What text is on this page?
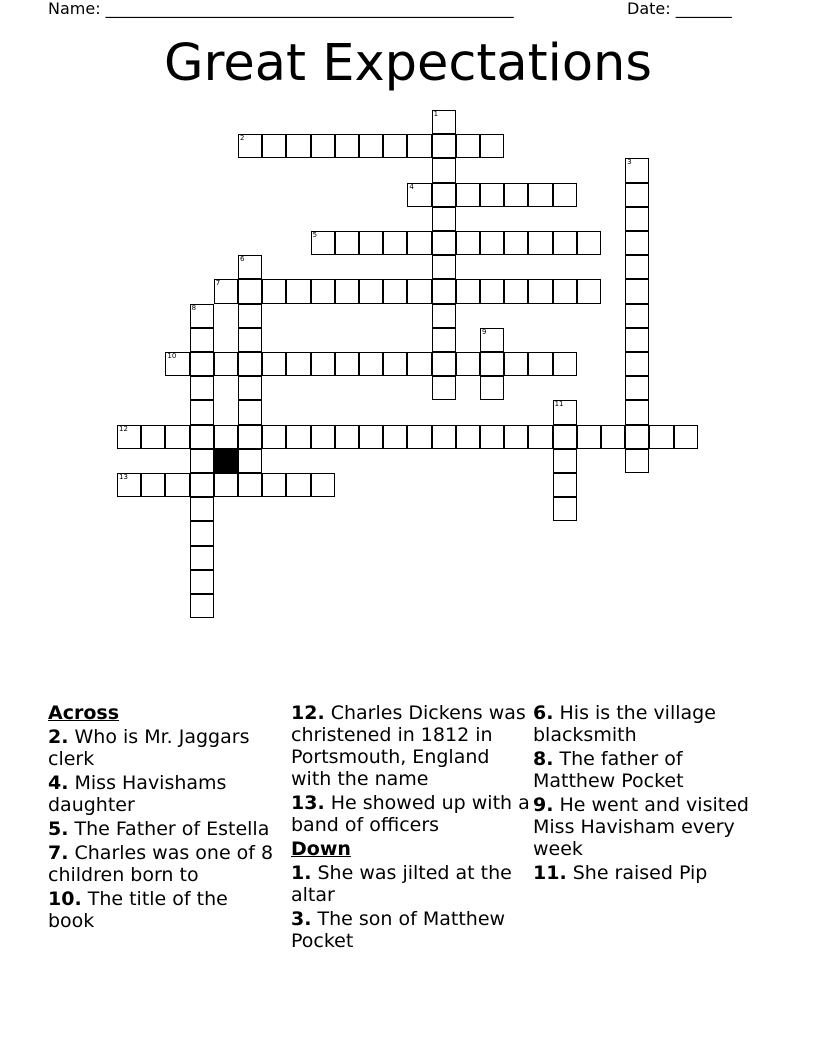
Name: ___________________________________________________	Date: _______
Great Expectations
1
2
3
4
5
6
7
8
9
10
11
12
13
Across
2. Who is Mr. Jaggars clerk
4. Miss Havishams daughter
5. The Father of Estella
7. Charles was one of 8 children born to
10. The title of the book
12. Charles Dickens was christened in 1812 in Portsmouth, England with the name
13. He showed up with a band of officers
Down
1. She was jilted at the altar
3. The son of Matthew Pocket
6. His is the village blacksmith
8. The father of Matthew Pocket
9. He went and visited Miss Havisham every week
11. She raised Pip
